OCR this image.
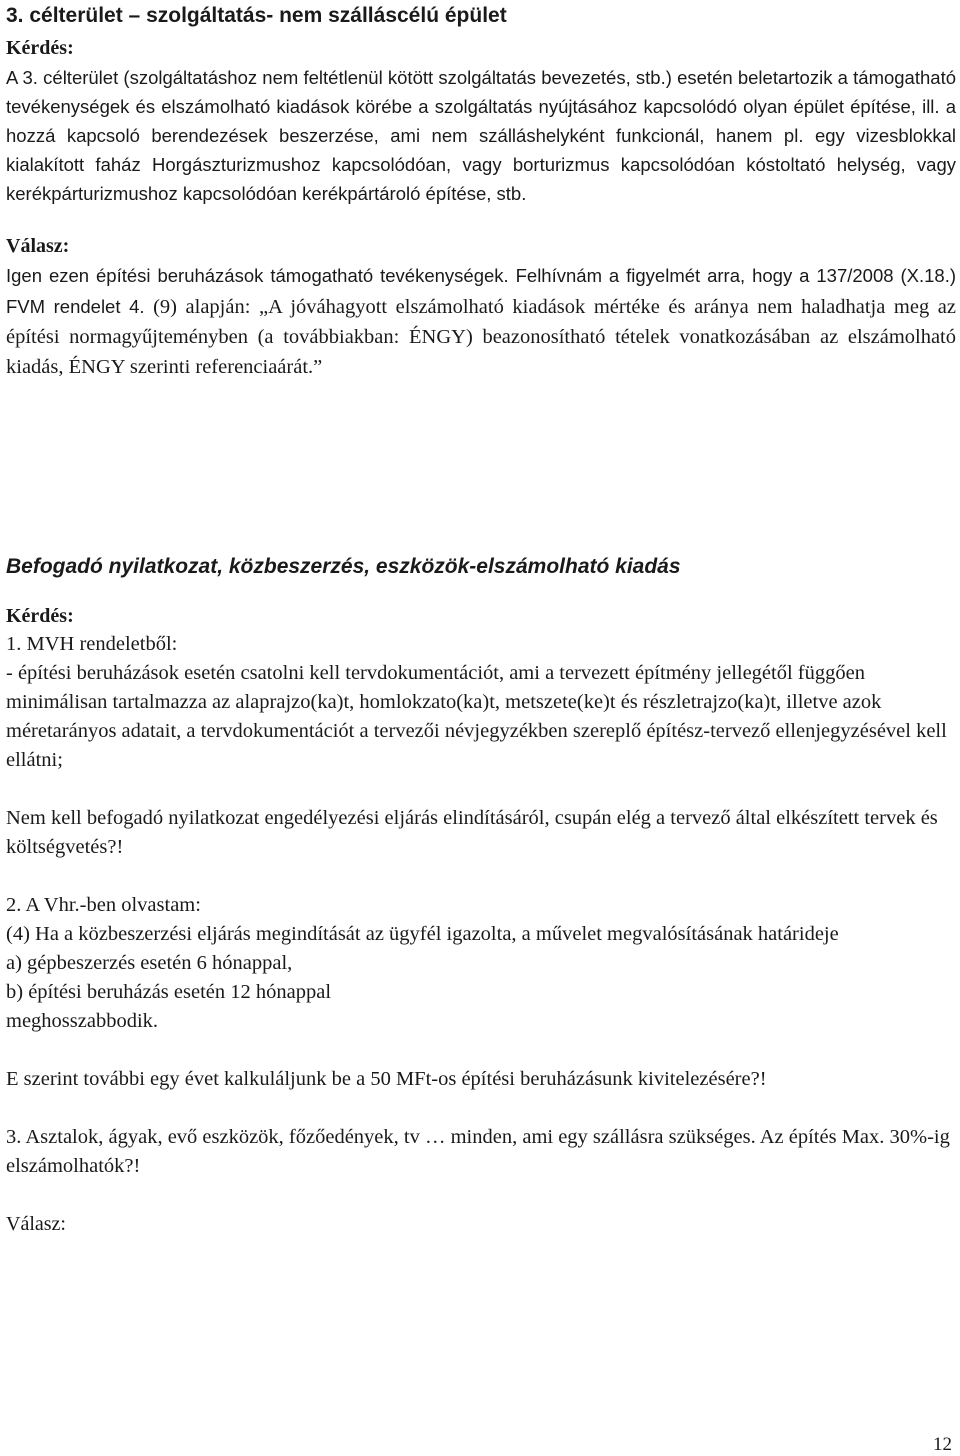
3. célterület – szolgáltatás- nem szálláscélú épület

Kérdés:

A 3. célterület (szolgáltatáshoz nem feltétlenül kötött szolgáltatás bevezetés, stb.) esetén beletartozik a támogatható tevékenységek és elszámolható kiadások körébe a szolgáltatás nyújtásához kapcsolódó olyan épület építése, ill. a hozzá kapcsoló berendezések beszerzése, ami nem szálláshelyként funkcionál, hanem pl. egy vizesblokkal kialakított faház Horgászturizmushoz kapcsolódóan, vagy borturizmus kapcsolódóan kóstoltató helység, vagy kerékpárturizmushoz kapcsolódóan kerékpártároló építése, stb.

Válasz:

Igen ezen építési beruházások támogatható tevékenységek. Felhívnám a figyelmét arra, hogy a 137/2008 (X.18.) FVM rendelet 4. (9) alapján: „A jóváhagyott elszámolható kiadások mértéke és aránya nem haladhatja meg az építési normagyűjteményben (a továbbiakban: ÉNGY) beazonosítható tételek vonatkozásában az elszámolható kiadás, ÉNGY szerinti referenciaárát.”

Befogadó nyilatkozat, közbeszerzés, eszközök-elszámolható kiadás

Kérdés:

1. MVH rendeletből:

- építési beruházások esetén csatolni kell tervdokumentációt, ami a tervezett építmény jellegétől függően minimálisan tartalmazza az alaprajzo(ka)t, homlokzato(ka)t, metszete(ke)t és részletrajzo(ka)t, illetve azok méretarányos adatait, a tervdokumentációt a tervezői névjegyzékben szereplő építész-tervező ellenjegyzésével kell ellátni;

Nem kell befogadó nyilatkozat engedélyezési eljárás elindításáról, csupán elég a tervező által elkészített tervek és költségvetés?!

2. A Vhr.-ben olvastam:

(4) Ha a közbeszerzési eljárás megindítását az ügyfél igazolta, a művelet megvalósításának határideje

a) gépbeszerzés esetén 6 hónappal,

b) építési beruházás esetén 12 hónappal

meghosszabbodik.

E szerint további egy évet kalkuláljunk be a 50 MFt-os építési beruházásunk kivitelezésére?!

3. Asztalok, ágyak, evő eszközök, főzőedények, tv … minden, ami egy szállásra szükséges. Az építés Max. 30%-ig elszámolhatók?!

Válasz:

12
